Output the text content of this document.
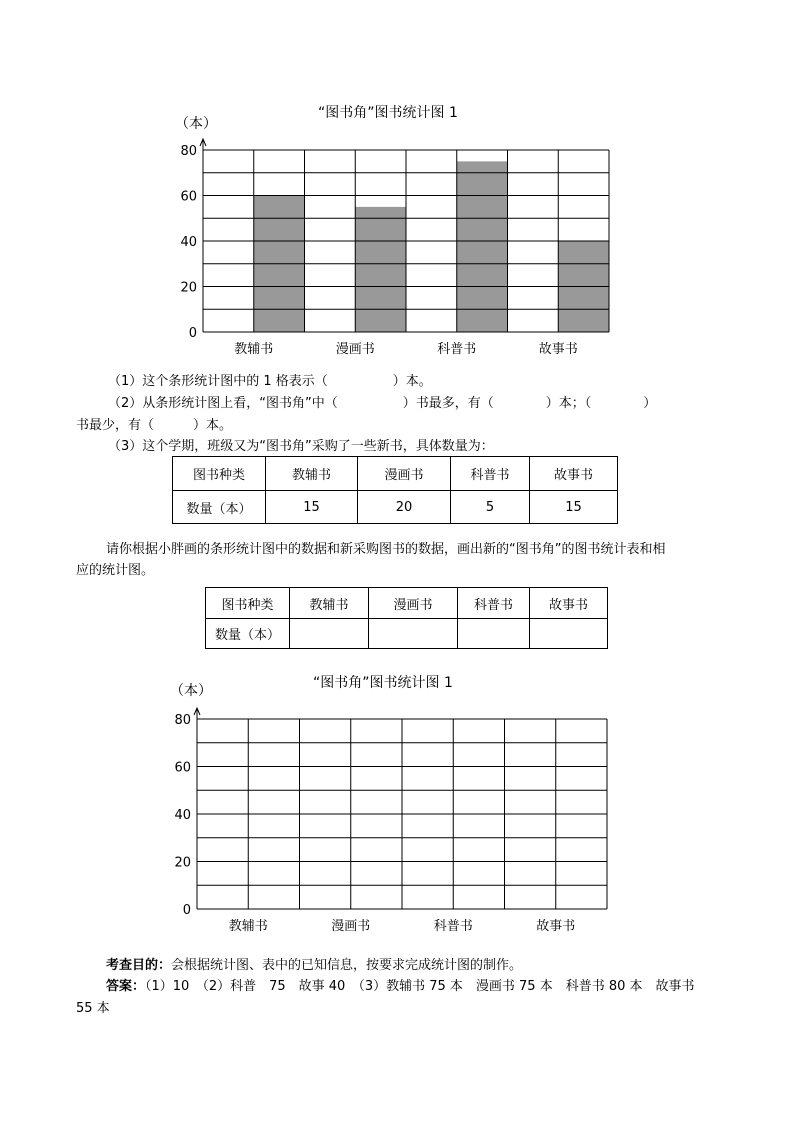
“图书角”图书统计图 1
（本）
0
20
40
60
80
教辅书	漫画书	科普书	故事书
（1）这个条形统计图中的 1 格表示（　　　　　）本。
（2）从条形统计图上看，“图书角”中（　　　　　）书最多，有（　　　　）本；（　　　　）
书最少，有（　　　）本。
（3）这个学期，班级又为“图书角”采购了一些新书，具体数量为：
图书种类	教辅书	漫画书	科普书	故事书
数量（本）	15	20	5	15
请你根据小胖画的条形统计图中的数据和新采购图书的数据，画出新的“图书角”的图书统计表和相
应的统计图。
图书种类	教辅书	漫画书	科普书	故事书
数量（本）				
“图书角”图书统计图 1
（本）
0
20
40
60
80
教辅书	漫画书	科普书	故事书
考查目的：会根据统计图、表中的已知信息，按要求完成统计图的制作。
答案：（1）10　（2）科普　75　故事 40　（3）教辅书 75 本　漫画书 75 本　科普书 80 本　故事书
55 本
